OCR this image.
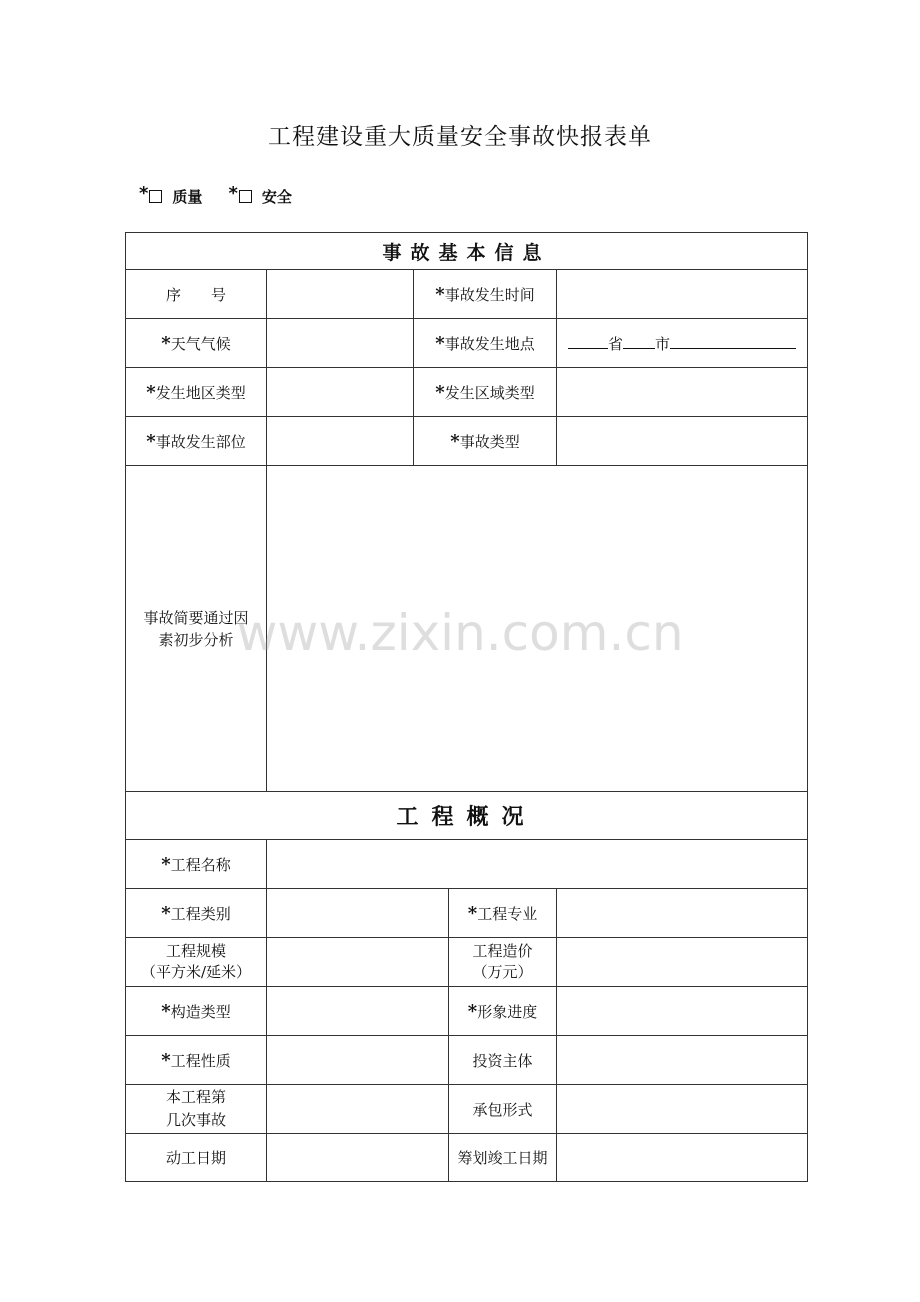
工程建设重大质量安全事故快报表单
* 质量 * 安全
事故基本信息				
序　　号		* 事故发生时间	
* 天气气候		* 事故发生地点		省 市
* 发生地区类型		* 发生区域类型	
* 事故发生部位		* 事故类型	
事故简要通过因
素初步分析				
工程概况				
* 工程名称	
* 工程类别			* 工程专业	
工程规模
（平方米/延米）			工程造价
（万元）	
* 构造类型			* 形象进度	
* 工程性质			投资主体	
本工程第
几次事故			承包形式	
动工日期			筹划竣工日期	
www.zixin.com.cn
